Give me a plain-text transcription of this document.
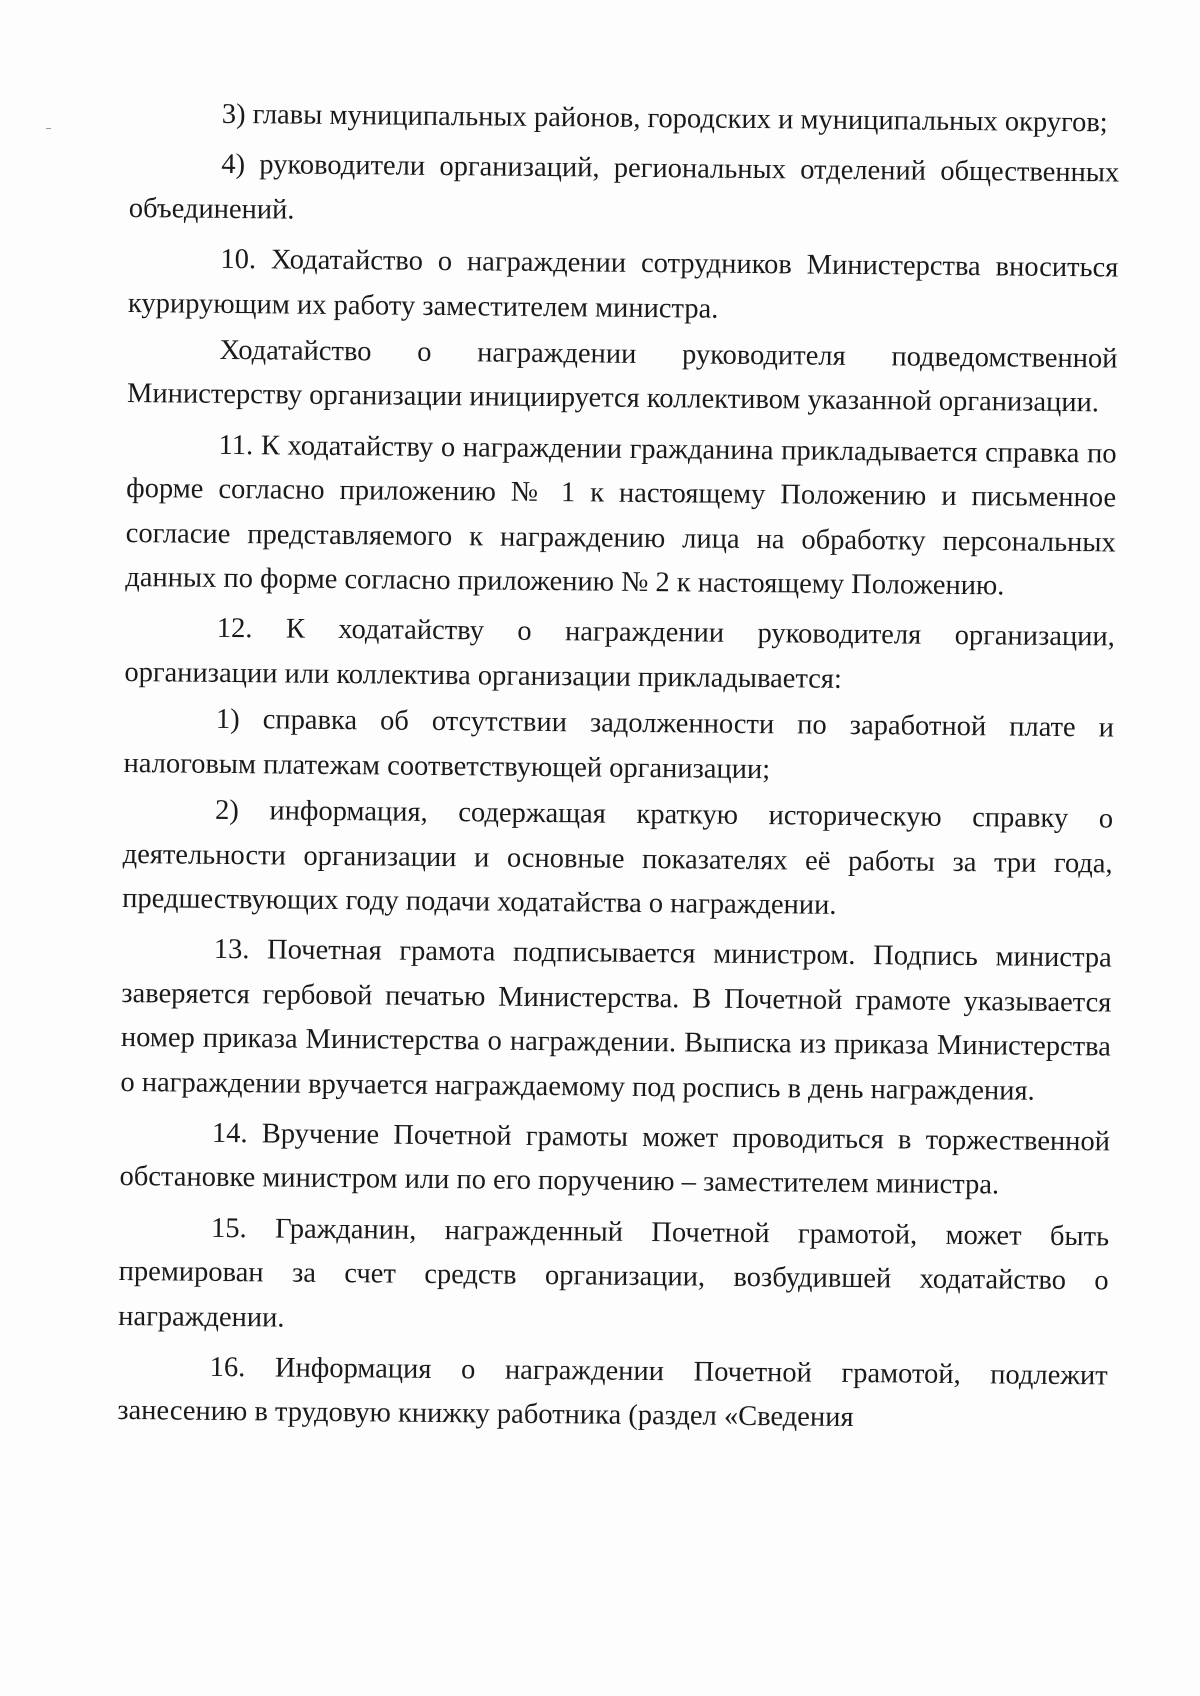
3) главы муниципальных районов, городских и муниципальных округов;

4) руководители организаций, региональных отделений общественных объединений.

10. Ходатайство о награждении сотрудников Министерства вноситься курирующим их работу заместителем министра.

Ходатайство о награждении руководителя подведомственной Министерству организации инициируется коллективом указанной организации.

11. К ходатайству о награждении гражданина прикладывается справка по форме согласно приложению № 1 к настоящему Положению и письменное согласие представляемого к награждению лица на обработку персональных данных по форме согласно приложению № 2 к настоящему Положению.

12. К ходатайству о награждении руководителя организации, организации или коллектива организации прикладывается:

1) справка об отсутствии задолженности по заработной плате и налоговым платежам соответствующей организации;

2) информация, содержащая краткую историческую справку о деятельности организации и основные показателях её работы за три года, предшествующих году подачи ходатайства о награждении.

13. Почетная грамота подписывается министром. Подпись министра заверяется гербовой печатью Министерства. В Почетной грамоте указывается номер приказа Министерства о награждении. Выписка из приказа Министерства о награждении вручается награждаемому под роспись в день награждения.

14. Вручение Почетной грамоты может проводиться в торжественной обстановке министром или по его поручению – заместителем министра.

15. Гражданин, награжденный Почетной грамотой, может быть премирован за счет средств организации, возбудившей ходатайство о награждении.

16. Информация о награждении Почетной грамотой, подлежит занесению в трудовую книжку работника (раздел «Сведения
